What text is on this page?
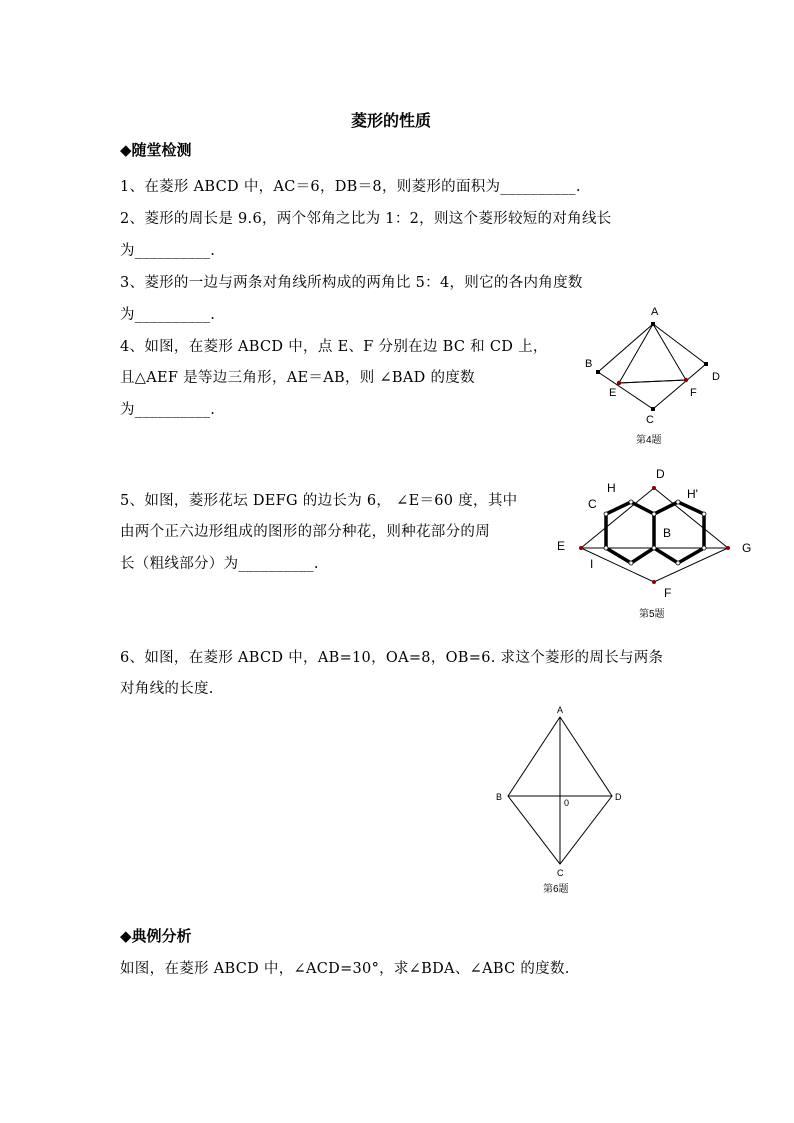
菱形的性质
◆随堂检测
1、在菱形 ABCD 中，AC＝6，DB＝8，则菱形的面积为__________.
2、菱形的周长是 9.6，两个邻角之比为 1：2，则这个菱形较短的对角线长
为__________.
3、菱形的一边与两条对角线所构成的两角比 5：4，则它的各内角度数
为__________.
4、如图，在菱形 ABCD 中，点 E、F 分别在边 BC 和 CD 上，
且△AEF 是等边三角形，AE＝AB，则 ∠BAD 的度数
为__________.
5、如图，菱形花坛 DEFG 的边长为 6， ∠E＝60 度，其中
由两个正六边形组成的图形的部分种花，则种花部分的周
长（粗线部分）为__________.
6、如图，在菱形 ABCD 中，AB=10，OA=8，OB=6. 求这个菱形的周长与两条
对角线的长度.
◆典例分析
如图，在菱形 ABCD 中，∠ACD=30°，求∠BDA、∠ABC 的度数.
A
B
C
D
E	F
第4题
D
E
F
G
C
H	H'
B
I
第5题
A
B
C
D
0
第6题
